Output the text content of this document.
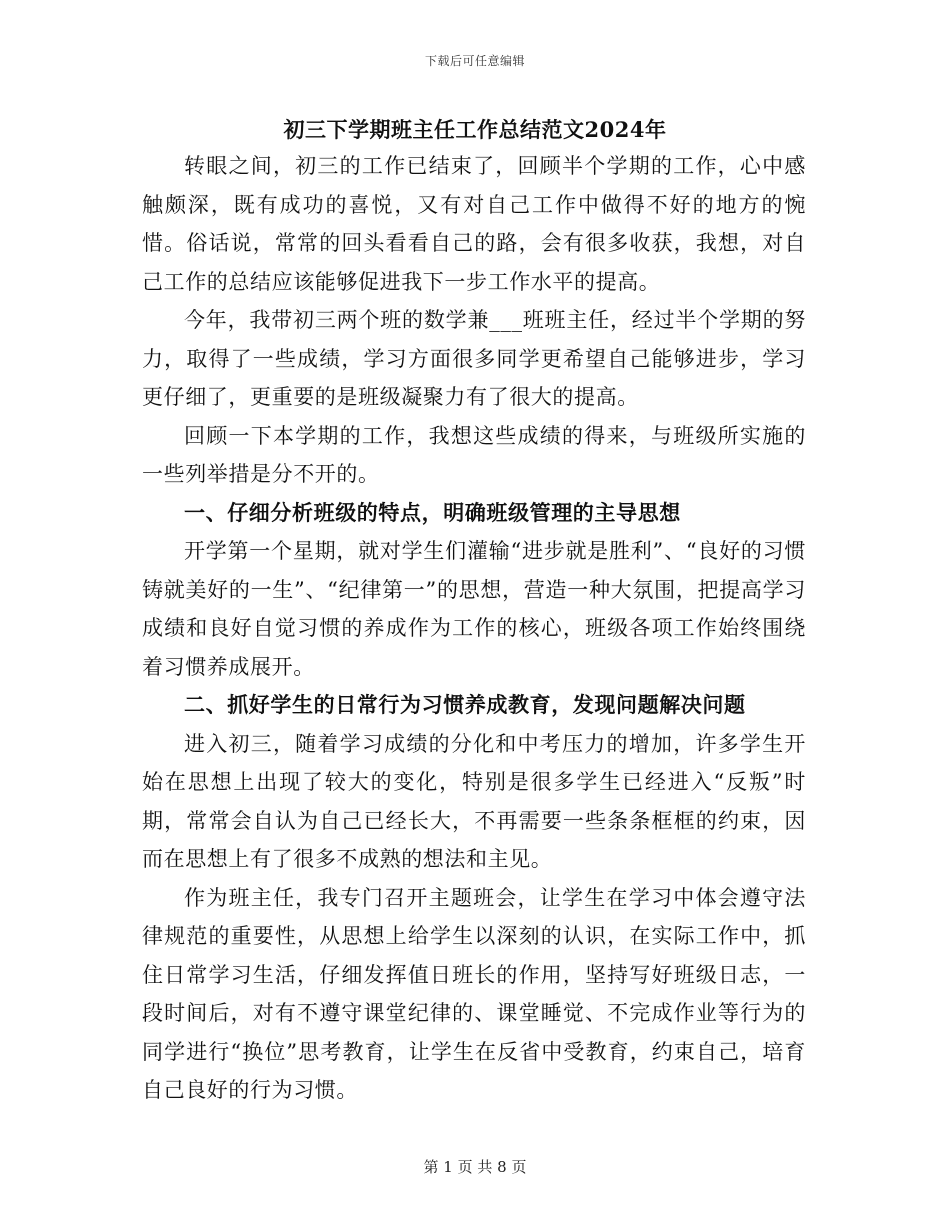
下载后可任意编辑
初三下学期班主任工作总结范文2024年

转眼之间，初三的工作已结束了，回顾半个学期的工作，心中感触颇深，既有成功的喜悦，又有对自己工作中做得不好的地方的惋惜。俗话说，常常的回头看看自己的路，会有很多收获，我想，对自己工作的总结应该能够促进我下一步工作水平的提高。

今年，我带初三两个班的数学兼___班班主任，经过半个学期的努力，取得了一些成绩，学习方面很多同学更希望自己能够进步，学习更仔细了，更重要的是班级凝聚力有了很大的提高。

回顾一下本学期的工作，我想这些成绩的得来，与班级所实施的一些列举措是分不开的。

一、仔细分析班级的特点，明确班级管理的主导思想

开学第一个星期，就对学生们灌输“进步就是胜利”、“良好的习惯铸就美好的一生”、“纪律第一”的思想，营造一种大氛围，把提高学习成绩和良好自觉习惯的养成作为工作的核心，班级各项工作始终围绕着习惯养成展开。

二、抓好学生的日常行为习惯养成教育，发现问题解决问题

进入初三，随着学习成绩的分化和中考压力的增加，许多学生开始在思想上出现了较大的变化，特别是很多学生已经进入“反叛”时期，常常会自认为自己已经长大，不再需要一些条条框框的约束，因而在思想上有了很多不成熟的想法和主见。

作为班主任，我专门召开主题班会，让学生在学习中体会遵守法律规范的重要性，从思想上给学生以深刻的认识，在实际工作中，抓住日常学习生活，仔细发挥值日班长的作用，坚持写好班级日志，一段时间后，对有不遵守课堂纪律的、课堂睡觉、不完成作业等行为的同学进行“换位”思考教育，让学生在反省中受教育，约束自己，培育自己良好的行为习惯。

第 1 页 共 8 页
